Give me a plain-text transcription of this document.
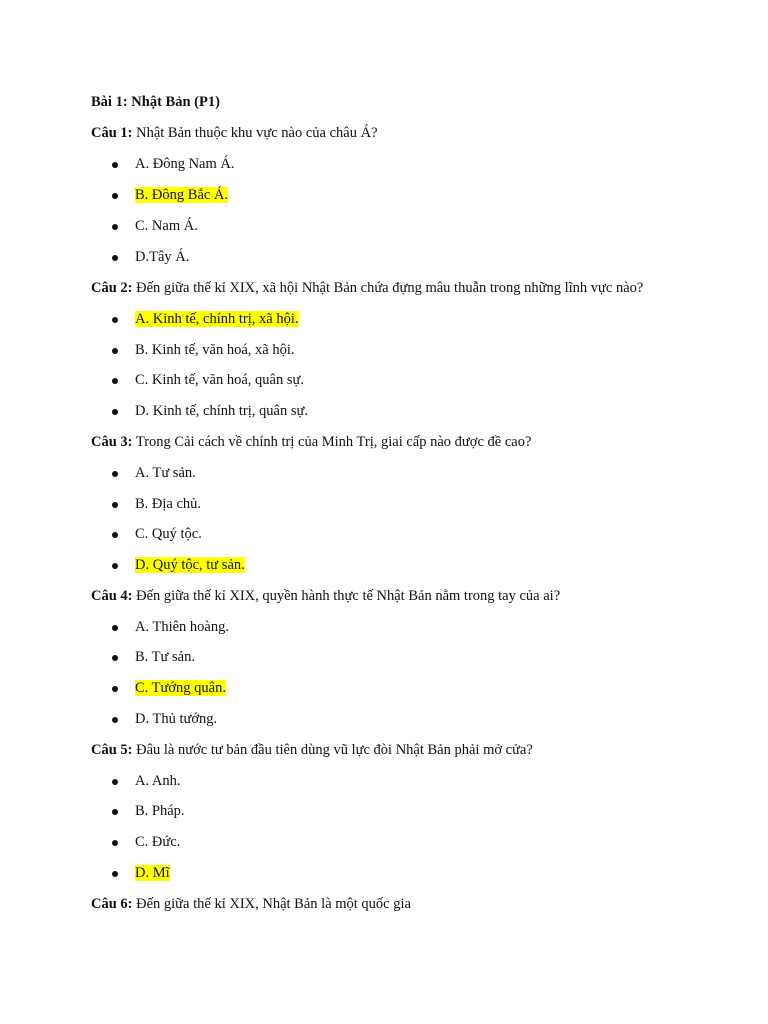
Bài 1: Nhật Bản (P1)
Câu 1: Nhật Bản thuộc khu vực nào của châu Á?
A. Đông Nam Á.
B. Đông Bắc Á.
C. Nam Á.
D.Tây Á.
Câu 2: Đến giữa thế kỉ XIX, xã hội Nhật Bản chứa đựng mâu thuẫn trong những lĩnh vực nào?
A. Kinh tế, chính trị, xã hội.
B. Kinh tế, văn hoá, xã hội.
C. Kinh tế, văn hoá, quân sự.
D. Kinh tế, chính trị, quân sự.
Câu 3: Trong Cải cách về chính trị của Minh Trị, giai cấp nào được đề cao?
A. Tư sản.
B. Địa chủ.
C. Quý tộc.
D. Quý tộc, tư sản.
Câu 4: Đến giữa thế kỉ XIX, quyền hành thực tế Nhật Bản nằm trong tay của ai?
A. Thiên hoàng.
B. Tư sản.
C. Tướng quân.
D. Thủ tướng.
Câu 5: Đâu là nước tư bản đầu tiên dùng vũ lực đòi Nhật Bản phải mở cửa?
A. Anh.
B. Pháp.
C. Đức.
D. Mĩ
Câu 6: Đến giữa thế kỉ XIX, Nhật Bản là một quốc gia
